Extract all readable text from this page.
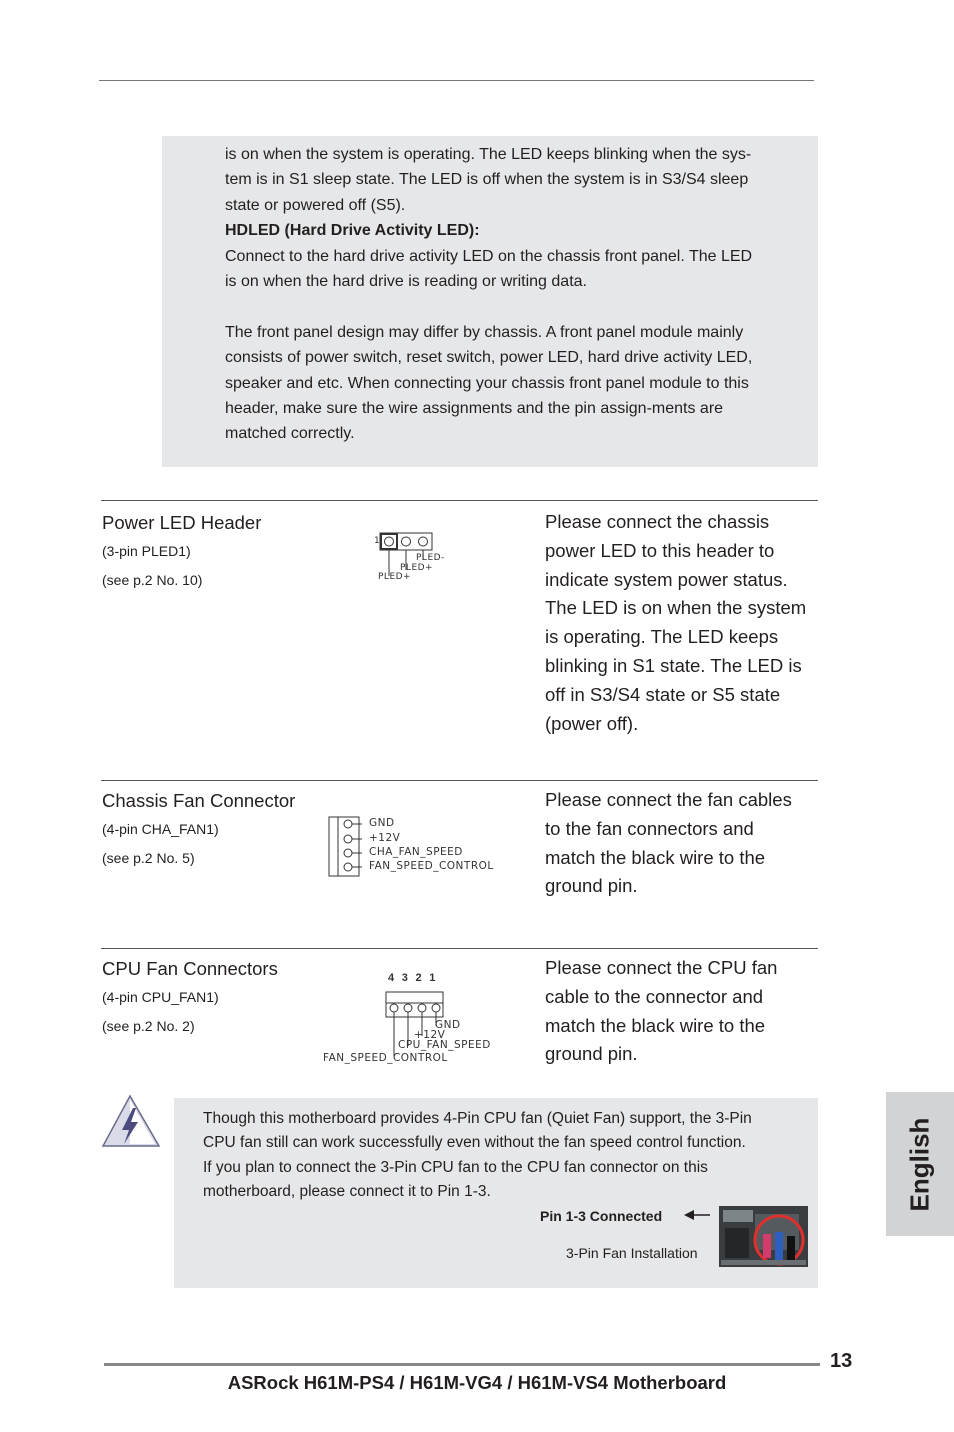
is on when the system is operating. The LED keeps blinking when the sys-

tem is in S1 sleep state. The LED is off when the system is in S3/S4 sleep

state or powered off (S5).

HDLED (Hard Drive Activity LED):

Connect to the hard drive activity LED on the chassis front panel. The LED

is on when the hard drive is reading or writing data.

The front panel design may differ by chassis. A front panel module mainly

consists of power switch, reset switch, power LED, hard drive activity LED,

speaker and etc. When connecting your chassis front panel module to this

header, make sure the wire assignments and the pin assign-ments are

matched correctly.

Power LED Header
(3-pin PLED1)
(see p.2 No. 10)
1
PLED-
PLED+
PLED+
Please connect the chassis
power LED to this header to
indicate system power status.
The LED is on when the system
is operating. The LED keeps
blinking in S1 state. The LED is
off in S3/S4 state or S5 state
(power off).
Chassis Fan Connector
(4-pin CHA_FAN1)
(see p.2 No. 5)
GND
+12V
CHA_FAN_SPEED
FAN_SPEED_CONTROL
Please connect the fan cables
to the fan connectors and
match the black wire to the
ground pin.
CPU Fan Connectors
(4-pin CPU_FAN1)
(see p.2 No. 2)
4  3  2  1
GND
+12V
CPU_FAN_SPEED
FAN_SPEED_CONTROL
Please connect the CPU fan
cable to the connector and
match the black wire to the
ground pin.

Though this motherboard provides 4-Pin CPU fan (Quiet Fan) support, the 3-Pin

CPU fan still can work successfully even without the fan speed control function.

If you plan to connect the 3-Pin CPU fan to the CPU fan connector on this

motherboard, please connect it to Pin 1-3.

Pin 1-3 Connected
3-Pin Fan Installation
English
13
ASRock H61M-PS4 / H61M-VG4 / H61M-VS4 Motherboard
